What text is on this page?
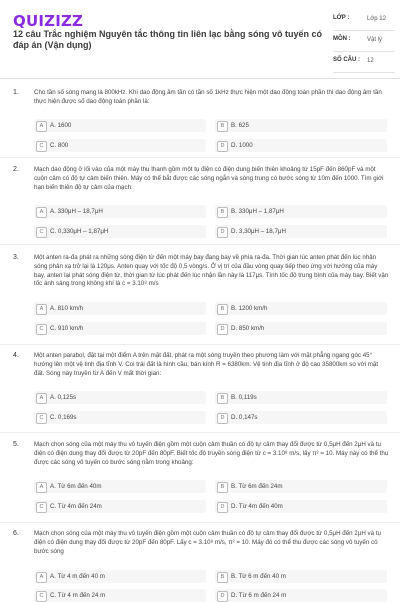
QUIZIZZ
12 câu Trắc nghiệm Nguyên tắc thông tin liên lạc bằng sóng vô tuyến có đáp án (Vận dụng)
LỚP :	Lớp 12
MÔN :	Vật lý
SỐ CÂU : 12
1. Cho tần số sóng mang là 800kHz. Khi dao động âm tần có tần số 1kHz thực hiện một dao động toàn phần thì dao động âm tần thực hiện được số dao động toàn phần là:
A	A. 1600	B	B. 625
C	C. 800	D	D. 1000
2. Mạch dao động ở lối vào của một máy thu thanh gồm một tụ điện có điện dung biến thiên khoảng từ 15pF đến 860pF và một cuộn cảm có độ tự cảm biến thiên. Máy có thể bắt được các sóng ngắn và sóng trung có bước sóng từ 10m đến 1000. Tìm giới hạn biến thiên độ tự cảm của mạch:
A	A. 330μH – 18,7μH	B	B. 330μH – 1,87μH
C	C. 0,330μH – 1,87μH	D	D. 3,30μH – 18,7μH
3. Một anten ra-đa phát ra những sóng điện từ đến một máy bay đang bay về phía ra-đa. Thời gian lúc anten phát đến lúc nhận sóng phản xạ trở lại là 120μs. Anten quay với tốc độ 0,5 vòng/s. Ở vị trí của đầu vòng quay tiếp theo ứng với hướng của máy bay, anten lại phát sóng điện từ, thời gian từ lúc phát đến lúc nhận lần này là 117μs. Tính tốc độ trung bình của máy bay. Biết vận tốc ánh sáng trong không khí là c = 3.10⁸ m/s
A	A. 810 km/h	B	B. 1200 km/h
C	C. 910 km/h	D	D. 850 km/h
4. Một anten parabol, đặt tại một điểm A trên mặt đất, phát ra một sóng truyền theo phương làm với mặt phẳng ngang góc 45° hướng lên một vệ tinh địa tĩnh V. Coi trái đất là hình cầu, bán kính R = 6380km. Vệ tinh địa tĩnh ở độ cao 35800km so với mặt đất. Sóng này truyền từ A đến V mất thời gian:
A	A. 0,125s	B	B. 0,119s
C	C. 0,169s	D	D. 0,147s
5. Mạch chọn sóng của một máy thu vô tuyến điện gồm một cuộn cảm thuần có độ tự cảm thay đổi được từ 0,5μH đến 2μH và tụ điện có điện dung thay đổi được từ 20pF đến 80pF. Biết tốc độ truyền sóng điện từ c = 3.10⁸ m/s, lấy π² = 10. Máy này có thể thu được các sóng vô tuyến có bước sóng nằm trong khoảng:
A	A. Từ 6m đến 40m	B	B. Từ 6m đến 24m
C	C. Từ 4m đến 24m	D	D. Từ 4m đến 40m
6. Mạch chọn sóng của một máy thu vô tuyến điện gồm một cuộn cảm thuần có độ tự cảm thay đổi được từ 0,5μH đến 2μH và tụ điện có điện dung thay đổi được từ 20pF đến 80pF. Lấy c = 3.10⁸ m/s, π² = 10. Máy đó có thể thu được các sóng vô tuyến có bước sóng
A	A. Từ 4 m đến 40 m	B	B. Từ 6 m đến 40 m
C	C. Từ 4 m đến 24 m	D	D. Từ 6 m đến 24 m
